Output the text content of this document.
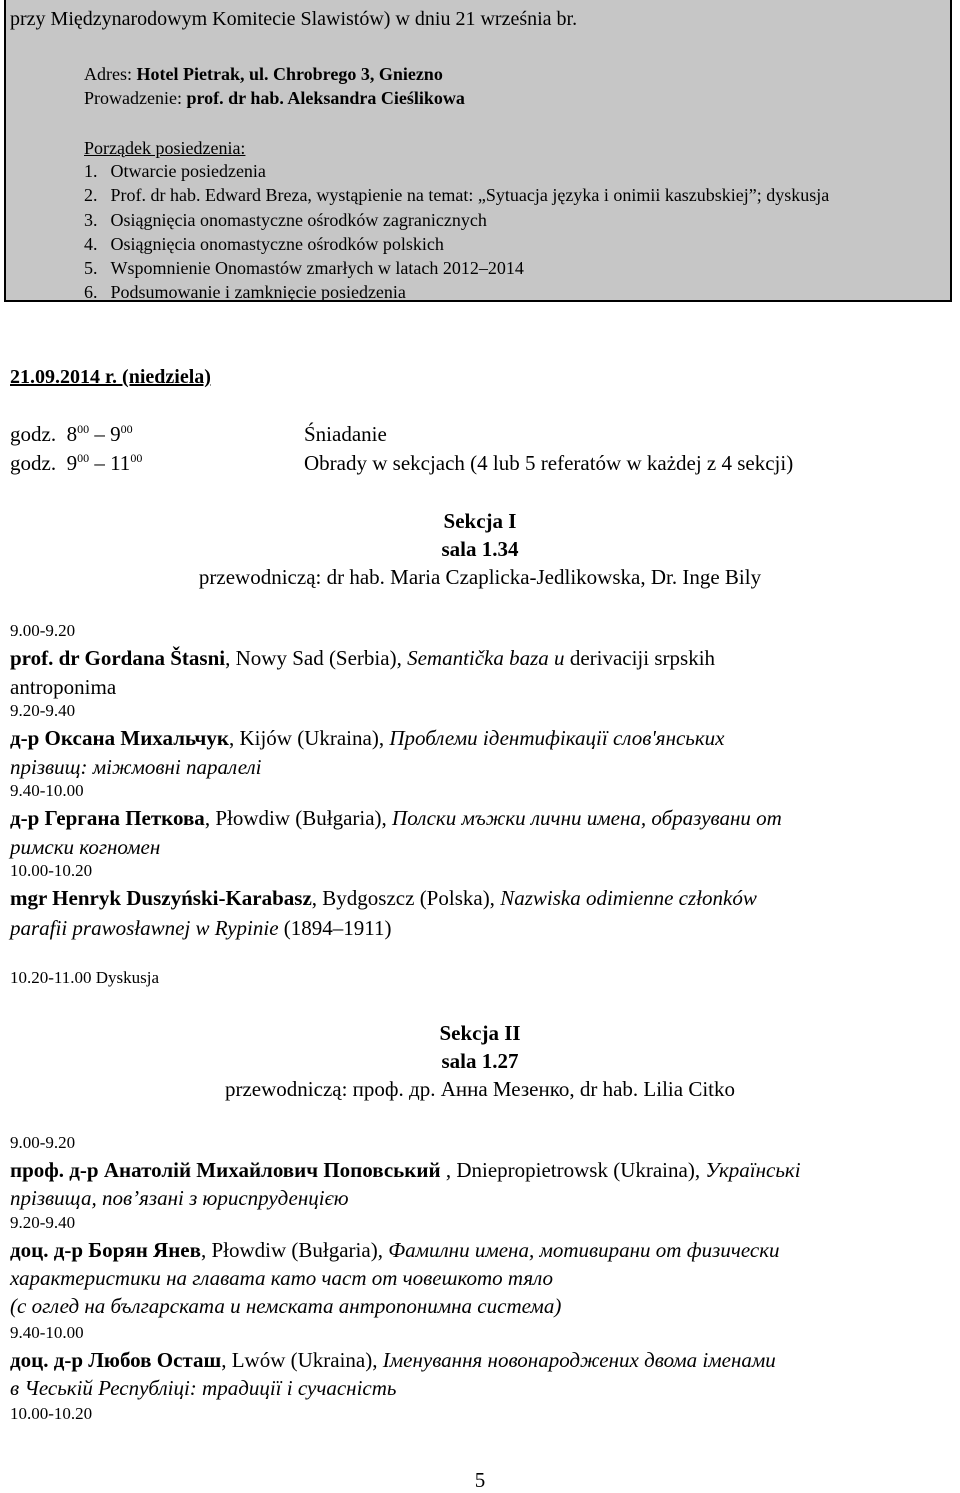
przy Międzynarodowym Komitecie Slawistów) w dniu 21 września br.
Adres: Hotel Pietrak, ul. Chrobrego 3, Gniezno
Prowadzenie: prof. dr hab. Aleksandra Cieślikowa
Porządek posiedzenia:
1. Otwarcie posiedzenia
2. Prof. dr hab. Edward Breza, wystąpienie na temat: „Sytuacja języka i onimii kaszubskiej”; dyskusja
3. Osiągnięcia onomastyczne ośrodków zagranicznych
4. Osiągnięcia onomastyczne ośrodków polskich
5. Wspomnienie Onomastów zmarłych w latach 2012–2014
6. Podsumowanie i zamknięcie posiedzenia
21.09.2014 r. (niedziela)
godz. $8^{00} - 9^{00}$	Śniadanie
godz. $9^{00} - 11^{00}$	Obrady w sekcjach (4 lub 5 referatów w każdej z 4 sekcji)
Sekcja I
sala 1.34
przewodniczą: dr hab. Maria Czaplicka-Jedlikowska, Dr. Inge Bily
9.00-9.20
prof. dr Gordana Štasni, Nowy Sad (Serbia), Semantička baza u derivaciji srpskih
antroponima
9.20-9.40
д-р Оксана Михальчук, Kijów (Ukraina), Проблеми ідентифікації слов'янських
прізвищ: міжмовні паралелі
9.40-10.00
д-р Гергана Петкова, Płowdiw (Bułgaria), Полски мъжки лични имена, образувани от
римски когномен
10.00-10.20
mgr Henryk Duszyński-Karabasz, Bydgoszcz (Polska), Nazwiska odimienne członków
parafii prawosławnej w Rypinie (1894–1911)
10.20-11.00 Dyskusja
Sekcja II
sala 1.27
przewodniczą: проф. др. Анна Мезенко, dr hab. Lilia Citko
9.00-9.20
проф. д-р Анатолій Михайлович Поповський , Dniepropietrowsk (Ukraina), Українські
прізвища, пов’язані з юриспруденцією
9.20-9.40
доц. д-р Борян Янев, Płowdiw (Bułgaria), Фамилни имена, мотивирани от физически
характеристики на главата като част от човешкото тяло
(с оглед на българската и немската антропонимна система)
9.40-10.00
доц. д-р Любов Осташ, Lwów (Ukraina), Іменування новонароджених двома іменами
в Чеській Республіці: традиції і сучасність
10.00-10.20
5
